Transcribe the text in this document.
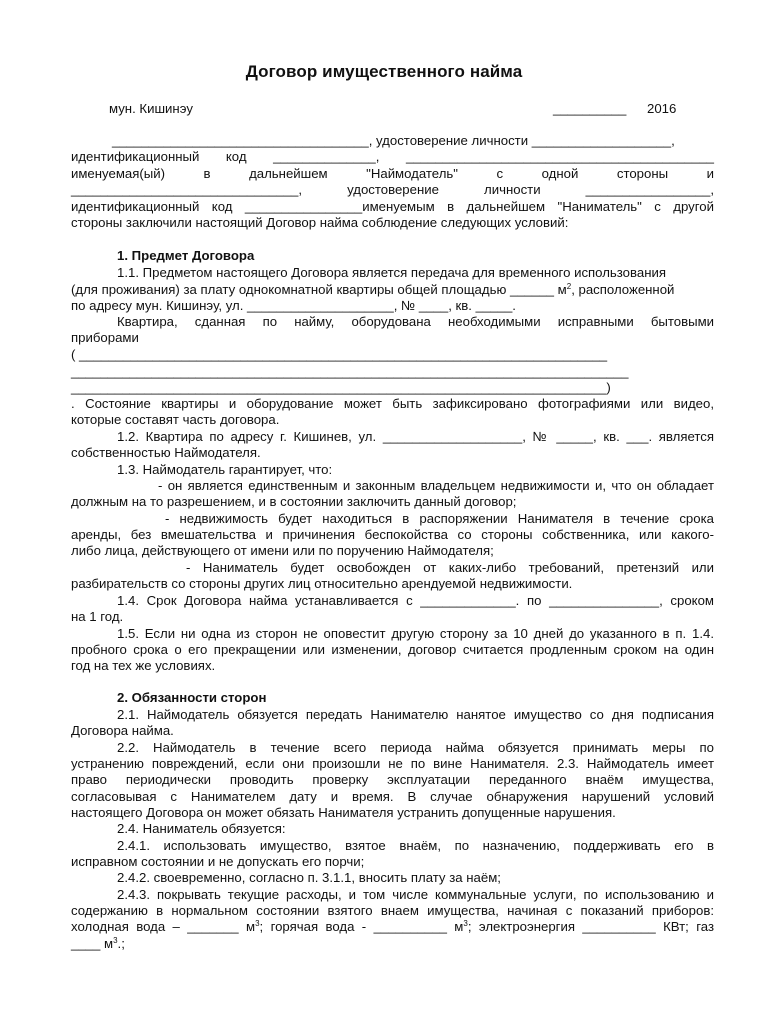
Договор имущественного найма
мун. Кишинэу	__________ 2016
___________________________________, удостоверение личности ___________________,
идентификационный код ______________, __________________________________________
именуемая(ый) в дальнейшем "Наймодатель" с одной стороны и
_______________________________, удостоверение личности _________________,
идентификационный код ________________именуемым в дальнейшем "Наниматель" с другой
стороны заключили настоящий Договор найма соблюдение следующих условий:
1. Предмет Договора
1.1. Предметом настоящего Договора является передача для временного использования
(для проживания) за плату однокомнатной квартиры общей площадью ______ $м^2$, расположенной
по адресу мун. Кишинэу, ул. ____________________, № ____, кв. _____.
Квартира, сданная по найму, оборудована необходимыми исправными бытовыми
приборами
( ________________________________________________________________________
____________________________________________________________________________
_________________________________________________________________________)
. Состояние квартиры и оборудование может быть зафиксировано фотографиями или видео,
которые составят часть договора.
1.2. Квартира по адресу г. Кишинев, ул. ___________________, № _____, кв. ___. является
собственностью Наймодателя.
1.3. Наймодатель гарантирует, что:
- он является единственным и законным владельцем недвижимости и, что он обладает
должным на то разрешением, и в состоянии заключить данный договор;
- недвижимость будет находиться в распоряжении Нанимателя в течение срока
аренды, без вмешательства и причинения беспокойства со стороны собственника, или какого-
либо лица, действующего от имени или по поручению Наймодателя;
- Наниматель будет освобожден от каких-либо требований, претензий или
разбирательств со стороны других лиц относительно арендуемой недвижимости.
1.4. Срок Договора найма устанавливается с _____________. по _______________, сроком
на 1 год.
1.5. Если ни одна из сторон не оповестит другую сторону за 10 дней до указанного в п. 1.4.
пробного срока о его прекращении или изменении, договор считается продленным сроком на один
год на тех же условиях.
2. Обязанности сторон
2.1. Наймодатель обязуется передать Нанимателю нанятое имущество со дня подписания
Договора найма.
2.2. Наймодатель в течение всего периода найма обязуется принимать меры по
устранению повреждений, если они произошли не по вине Нанимателя. 2.3. Наймодатель имеет
право периодически проводить проверку эксплуатации переданного внаём имущества,
согласовывая с Нанимателем дату и время. В случае обнаружения нарушений условий
настоящего Договора он может обязать Нанимателя устранить допущенные нарушения.
2.4. Наниматель обязуется:
2.4.1. использовать имущество, взятое внаём, по назначению, поддерживать его в
исправном состоянии и не допускать его порчи;
2.4.2. своевременно, согласно п. 3.1.1, вносить плату за наём;
2.4.3. покрывать текущие расходы, и том числе коммунальные услуги, по использованию и
содержанию в нормальном состоянии взятого внаем имущества, начиная с показаний приборов:
холодная вода – _______ $м^3$; горячая вода - __________ $м^3$; электроэнергия __________ КВт; газ
____ $м^3$.;
